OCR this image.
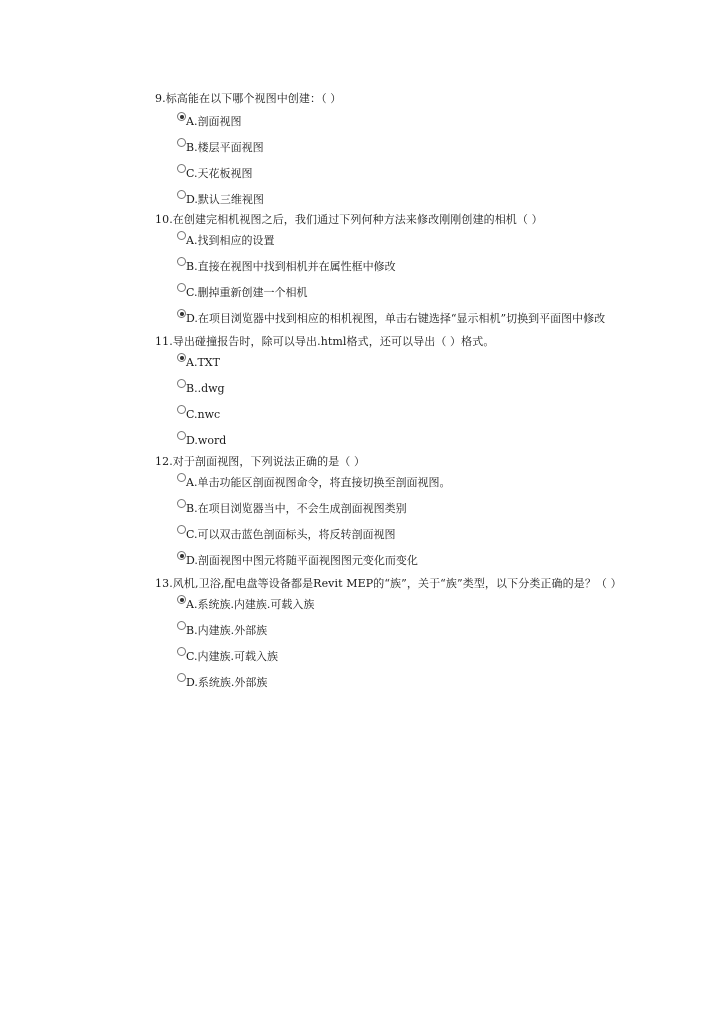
9.标高能在以下哪个视图中创建：（ ）
A.剖面视图
B.楼层平面视图
C.天花板视图
D.默认三维视图
10.在创建完相机视图之后，我们通过下列何种方法来修改刚刚创建的相机（ ）
A.找到相应的设置
B.直接在视图中找到相机并在属性框中修改
C.删掉重新创建一个相机
D.在项目浏览器中找到相应的相机视图，单击右键选择“显示相机”切换到平面图中修改
11.导出碰撞报告时，除可以导出.html格式，还可以导出（ ）格式。
A.TXT
B..dwg
C.nwc
D.word
12.对于剖面视图，下列说法正确的是（ ）
A.单击功能区剖面视图命令，将直接切换至剖面视图。
B.在项目浏览器当中，不会生成剖面视图类别
C.可以双击蓝色剖面标头，将反转剖面视图
D.剖面视图中图元将随平面视图图元变化而变化
13.风机,卫浴,配电盘等设备都是Revit MEP的“族”，关于“族”类型，以下分类正确的是？（ ）
A.系统族.内建族.可载入族
B.内建族.外部族
C.内建族.可载入族
D.系统族.外部族
